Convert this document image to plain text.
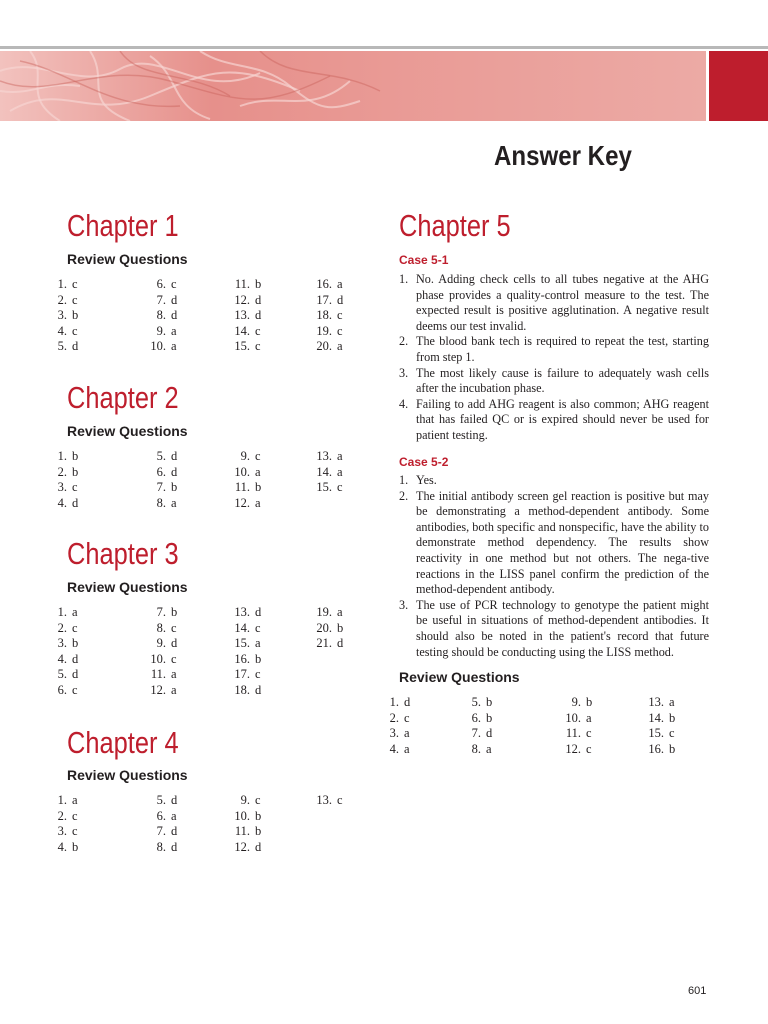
Answer Key
Chapter 1
Review Questions
1. c
2. c
3. b
4. c
5. d
6. c
7. d
8. d
9. a
10. a
11. b
12. d
13. d
14. c
15. c
16. a
17. d
18. c
19. c
20. a
Chapter 2
Review Questions
1. b
2. b
3. c
4. d
5. d
6. d
7. b
8. a
9. c
10. a
11. b
12. a
13. a
14. a
15. c
Chapter 3
Review Questions
1. a
2. c
3. b
4. d
5. d
6. c
7. b
8. c
9. d
10. c
11. a
12. a
13. d
14. c
15. a
16. b
17. c
18. d
19. a
20. b
21. d
Chapter 4
Review Questions
1. a
2. c
3. c
4. b
5. d
6. a
7. d
8. d
9. c
10. b
11. b
12. d
13. c
Chapter 5
Case 5-1
1. No. Adding check cells to all tubes negative at the AHG phase provides a quality-control measure to the test. The expected result is positive agglutination. A negative result deems our test invalid.
2. The blood bank tech is required to repeat the test, starting from step 1.
3. The most likely cause is failure to adequately wash cells after the incubation phase.
4. Failing to add AHG reagent is also common; AHG reagent that has failed QC or is expired should never be used for patient testing.
Case 5-2
1. Yes.
2. The initial antibody screen gel reaction is positive but may be demonstrating a method-dependent antibody. Some antibodies, both specific and nonspecific, have the ability to demonstrate method dependency. The results show reactivity in one method but not others. The nega-tive reactions in the LISS panel confirm the prediction of the method-dependent antibody.
3. The use of PCR technology to genotype the patient might be useful in situations of method-dependent antibodies. It should also be noted in the patient's record that future testing should be conducting using the LISS method.
Review Questions
1. d
2. c
3. a
4. a
5. b
6. b
7. d
8. a
9. b
10. a
11. c
12. c
13. a
14. b
15. c
16. b
601
